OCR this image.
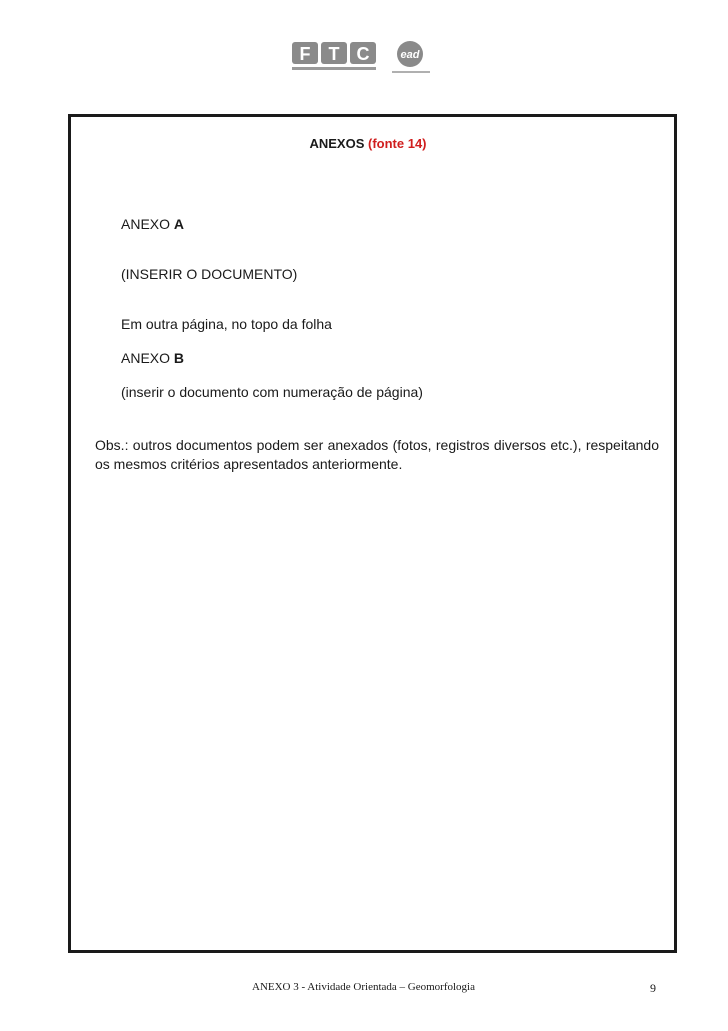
F T C	ead
ANEXOS (fonte 14)
ANEXO A
(INSERIR O DOCUMENTO)
Em outra página, no topo da folha
ANEXO B
(inserir o documento com numeração de página)
Obs.: outros documentos podem ser anexados (fotos, registros diversos etc.), respeitando os mesmos critérios apresentados anteriormente.
ANEXO 3 - Atividade Orientada – Geomorfologia	9
